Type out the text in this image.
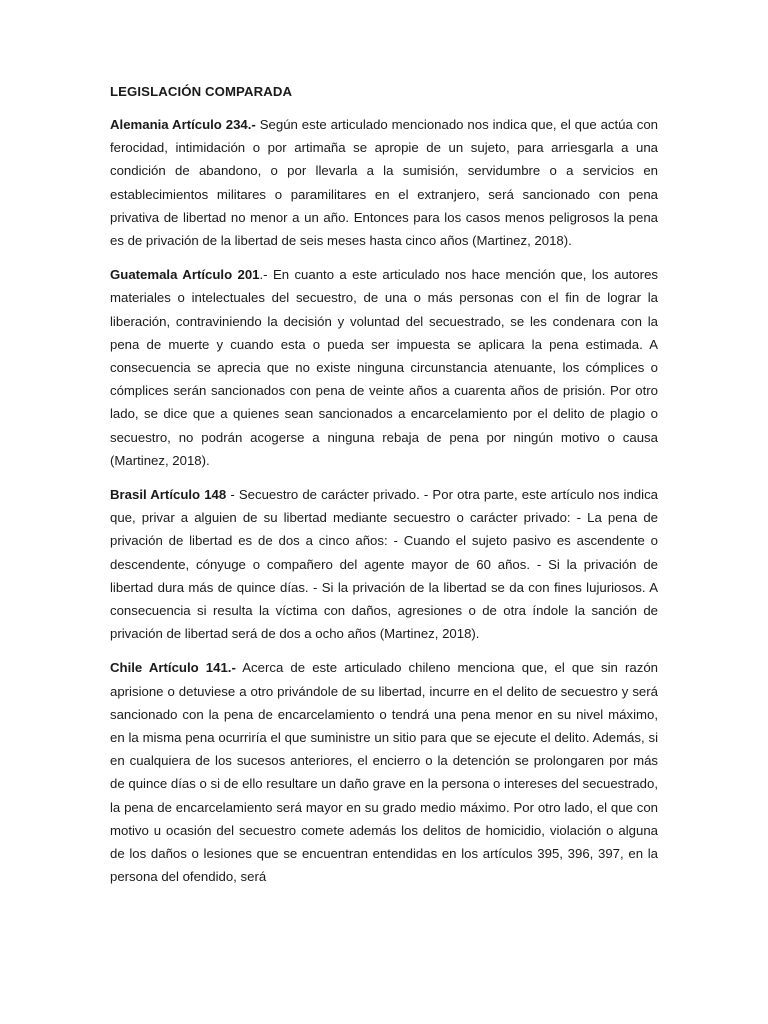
LEGISLACIÓN COMPARADA

Alemania Artículo 234.- Según este articulado mencionado nos indica que, el que actúa con ferocidad, intimidación o por artimaña se apropie de un sujeto, para arriesgarla a una condición de abandono, o por llevarla a la sumisión, servidumbre o a servicios en establecimientos militares o paramilitares en el extranjero, será sancionado con pena privativa de libertad no menor a un año. Entonces para los casos menos peligrosos la pena es de privación de la libertad de seis meses hasta cinco años (Martinez, 2018).

Guatemala Artículo 201.- En cuanto a este articulado nos hace mención que, los autores materiales o intelectuales del secuestro, de una o más personas con el fin de lograr la liberación, contraviniendo la decisión y voluntad del secuestrado, se les condenara con la pena de muerte y cuando esta o pueda ser impuesta se aplicara la pena estimada. A consecuencia se aprecia que no existe ninguna circunstancia atenuante, los cómplices o cómplices serán sancionados con pena de veinte años a cuarenta años de prisión. Por otro lado, se dice que a quienes sean sancionados a encarcelamiento por el delito de plagio o secuestro, no podrán acogerse a ninguna rebaja de pena por ningún motivo o causa (Martinez, 2018).

Brasil Artículo 148 - Secuestro de carácter privado. - Por otra parte, este artículo nos indica que, privar a alguien de su libertad mediante secuestro o carácter privado: - La pena de privación de libertad es de dos a cinco años: - Cuando el sujeto pasivo es ascendente o descendente, cónyuge o compañero del agente mayor de 60 años. - Si la privación de libertad dura más de quince días. - Si la privación de la libertad se da con fines lujuriosos. A consecuencia si resulta la víctima con daños, agresiones o de otra índole la sanción de privación de libertad será de dos a ocho años (Martinez, 2018).

Chile Artículo 141.- Acerca de este articulado chileno menciona que, el que sin razón aprisione o detuviese a otro privándole de su libertad, incurre en el delito de secuestro y será sancionado con la pena de encarcelamiento o tendrá una pena menor en su nivel máximo, en la misma pena ocurriría el que suministre un sitio para que se ejecute el delito. Además, si en cualquiera de los sucesos anteriores, el encierro o la detención se prolongaren por más de quince días o si de ello resultare un daño grave en la persona o intereses del secuestrado, la pena de encarcelamiento será mayor en su grado medio máximo. Por otro lado, el que con motivo u ocasión del secuestro comete además los delitos de homicidio, violación o alguna de los daños o lesiones que se encuentran entendidas en los artículos 395, 396, 397, en la persona del ofendido, será
